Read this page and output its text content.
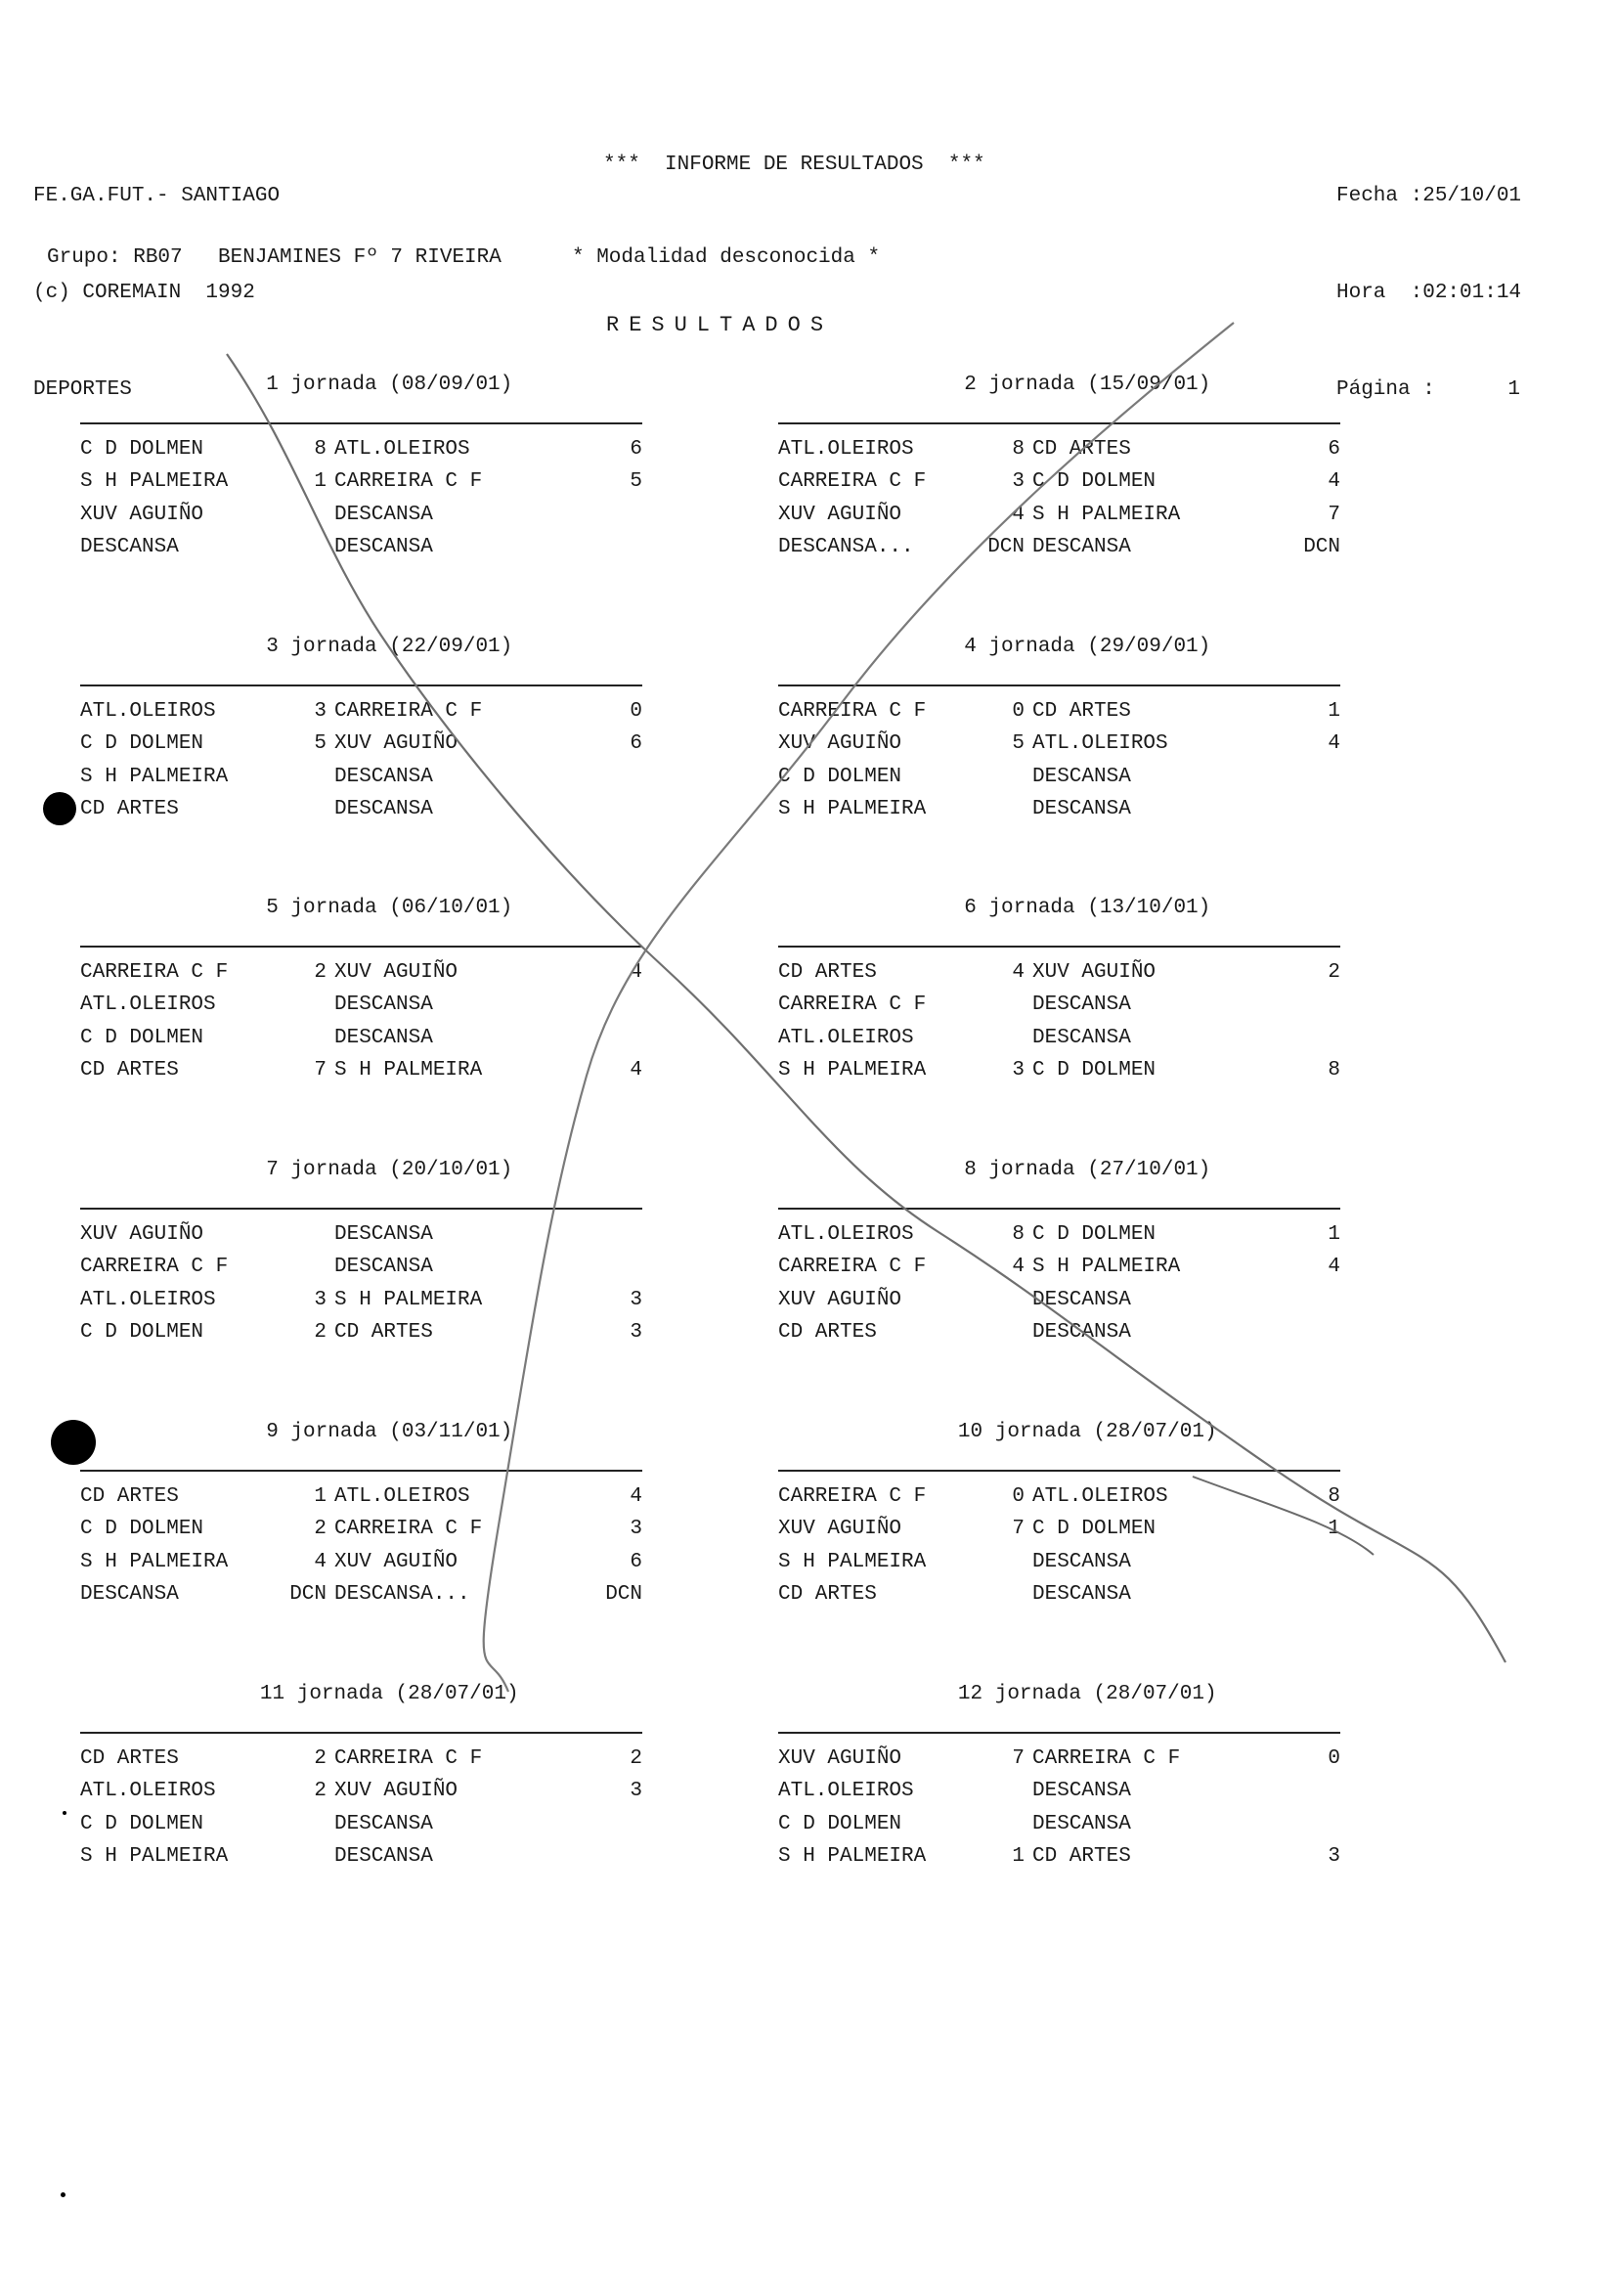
FE.GA.FUT.- SANTIAGO

(c) COREMAIN  1992

DEPORTES

***  INFORME DE RESULTADOS  ***

Fecha : 25/10/01

Hora  : 02:01:14

Página :	1

Grupo: RB07

BENJAMINES Fº 7 RIVEIRA

	* Modalidad desconocida *

RESULTADOS
1 jornada (08/09/01)
C D DOLMEN	8 ATL.OLEIROS	6
S H PALMEIRA	1 CARREIRA C F	5
XUV AGUIÑO	DESCANSA
DESCANSA	DESCANSA
2 jornada (15/09/01)
ATL.OLEIROS	8 CD ARTES	6
CARREIRA C F	3 C D DOLMEN	4
XUV AGUIÑO	4 S H PALMEIRA	7
DESCANSA...	DCN DESCANSA	DCN
3 jornada (22/09/01)
ATL.OLEIROS	3 CARREIRA C F	0
C D DOLMEN	5 XUV AGUIÑO	6
S H PALMEIRA	DESCANSA
CD ARTES	DESCANSA
4 jornada (29/09/01)
CARREIRA C F	0 CD ARTES	1
XUV AGUIÑO	5 ATL.OLEIROS	4
C D DOLMEN	DESCANSA
S H PALMEIRA	DESCANSA
5 jornada (06/10/01)
CARREIRA C F	2 XUV AGUIÑO	4
ATL.OLEIROS	DESCANSA
C D DOLMEN	DESCANSA
CD ARTES	7 S H PALMEIRA	4
6 jornada (13/10/01)
CD ARTES	4 XUV AGUIÑO	2
CARREIRA C F	DESCANSA
ATL.OLEIROS	DESCANSA
S H PALMEIRA	3 C D DOLMEN	8
7 jornada (20/10/01)
XUV AGUIÑO	DESCANSA
CARREIRA C F	DESCANSA
ATL.OLEIROS	3 S H PALMEIRA	3
C D DOLMEN	2 CD ARTES	3
8 jornada (27/10/01)
ATL.OLEIROS	8 C D DOLMEN	1
CARREIRA C F	4 S H PALMEIRA	4
XUV AGUIÑO	DESCANSA
CD ARTES	DESCANSA
9 jornada (03/11/01)
CD ARTES	1 ATL.OLEIROS	4
C D DOLMEN	2 CARREIRA C F	3
S H PALMEIRA	4 XUV AGUIÑO	6
DESCANSA	DCN DESCANSA...	DCN
10 jornada (28/07/01)
CARREIRA C F	0 ATL.OLEIROS	8
XUV AGUIÑO	7 C D DOLMEN	1
S H PALMEIRA	DESCANSA
CD ARTES	DESCANSA
11 jornada (28/07/01)
CD ARTES	2 CARREIRA C F	2
ATL.OLEIROS	2 XUV AGUIÑO	3
C D DOLMEN	DESCANSA
S H PALMEIRA	DESCANSA
12 jornada (28/07/01)
XUV AGUIÑO	7 CARREIRA C F	0
ATL.OLEIROS	DESCANSA
C D DOLMEN	DESCANSA
S H PALMEIRA	1 CD ARTES	3
